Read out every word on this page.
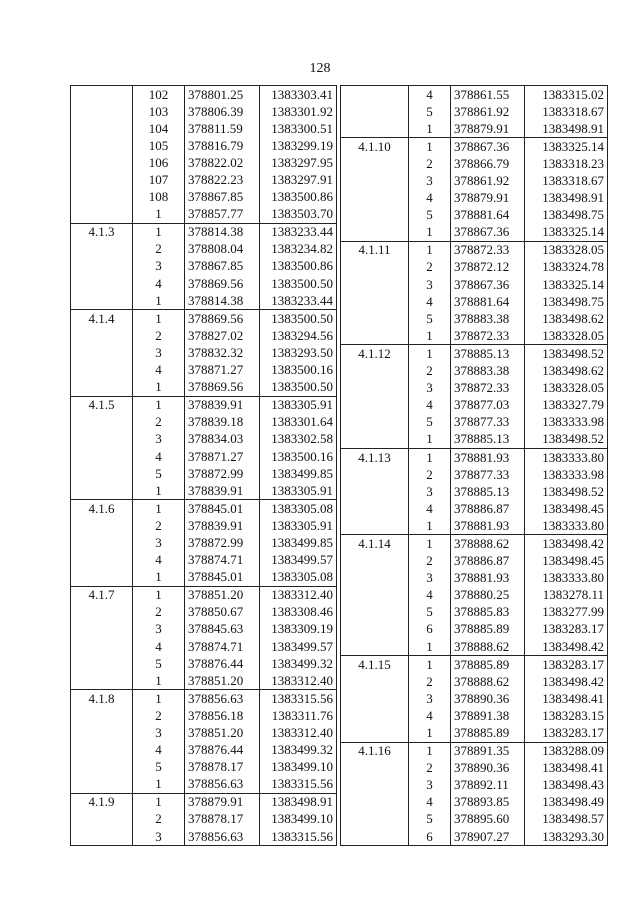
128
	102	378801.25	1383303.41
	103	378806.39	1383301.92
	104	378811.59	1383300.51
	105	378816.79	1383299.19
	106	378822.02	1383297.95
	107	378822.23	1383297.91
	108	378867.85	1383500.86
	1	378857.77	1383503.70
4.1.3	1	378814.38	1383233.44
	2	378808.04	1383234.82
	3	378867.85	1383500.86
	4	378869.56	1383500.50
	1	378814.38	1383233.44
4.1.4	1	378869.56	1383500.50
	2	378827.02	1383294.56
	3	378832.32	1383293.50
	4	378871.27	1383500.16
	1	378869.56	1383500.50
4.1.5	1	378839.91	1383305.91
	2	378839.18	1383301.64
	3	378834.03	1383302.58
	4	378871.27	1383500.16
	5	378872.99	1383499.85
	1	378839.91	1383305.91
4.1.6	1	378845.01	1383305.08
	2	378839.91	1383305.91
	3	378872.99	1383499.85
	4	378874.71	1383499.57
	1	378845.01	1383305.08
4.1.7	1	378851.20	1383312.40
	2	378850.67	1383308.46
	3	378845.63	1383309.19
	4	378874.71	1383499.57
	5	378876.44	1383499.32
	1	378851.20	1383312.40
4.1.8	1	378856.63	1383315.56
	2	378856.18	1383311.76
	3	378851.20	1383312.40
	4	378876.44	1383499.32
	5	378878.17	1383499.10
	1	378856.63	1383315.56
4.1.9	1	378879.91	1383498.91
	2	378878.17	1383499.10
	3	378856.63	1383315.56
	4	378861.55	1383315.02
	5	378861.92	1383318.67
	1	378879.91	1383498.91
4.1.10	1	378867.36	1383325.14
	2	378866.79	1383318.23
	3	378861.92	1383318.67
	4	378879.91	1383498.91
	5	378881.64	1383498.75
	1	378867.36	1383325.14
4.1.11	1	378872.33	1383328.05
	2	378872.12	1383324.78
	3	378867.36	1383325.14
	4	378881.64	1383498.75
	5	378883.38	1383498.62
	1	378872.33	1383328.05
4.1.12	1	378885.13	1383498.52
	2	378883.38	1383498.62
	3	378872.33	1383328.05
	4	378877.03	1383327.79
	5	378877.33	1383333.98
	1	378885.13	1383498.52
4.1.13	1	378881.93	1383333.80
	2	378877.33	1383333.98
	3	378885.13	1383498.52
	4	378886.87	1383498.45
	1	378881.93	1383333.80
4.1.14	1	378888.62	1383498.42
	2	378886.87	1383498.45
	3	378881.93	1383333.80
	4	378880.25	1383278.11
	5	378885.83	1383277.99
	6	378885.89	1383283.17
	1	378888.62	1383498.42
4.1.15	1	378885.89	1383283.17
	2	378888.62	1383498.42
	3	378890.36	1383498.41
	4	378891.38	1383283.15
	1	378885.89	1383283.17
4.1.16	1	378891.35	1383288.09
	2	378890.36	1383498.41
	3	378892.11	1383498.43
	4	378893.85	1383498.49
	5	378895.60	1383498.57
	6	378907.27	1383293.30
